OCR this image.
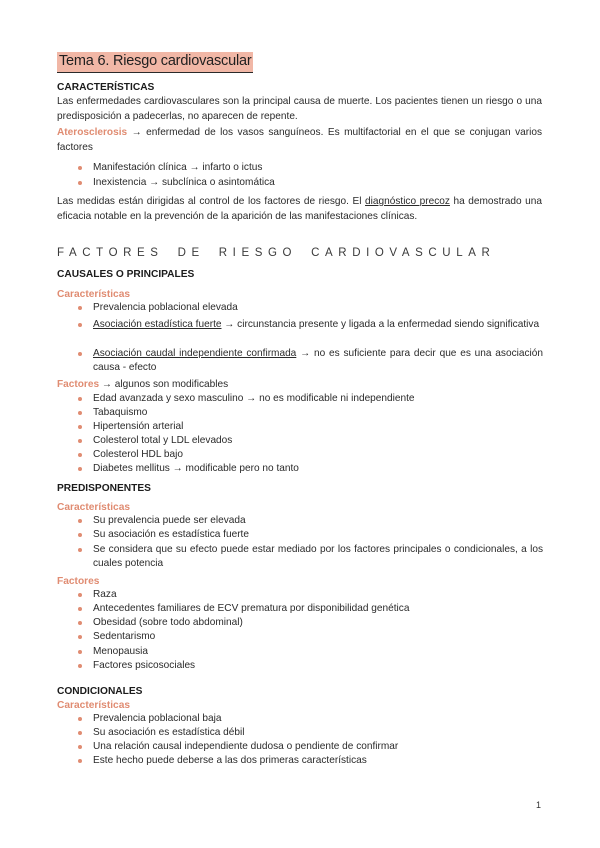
Tema 6. Riesgo cardiovascular
CARACTERÍSTICAS
Las enfermedades cardiovasculares son la principal causa de muerte. Los pacientes tienen un riesgo o una predisposición a padecerlas, no aparecen de repente.
Aterosclerosis → enfermedad de los vasos sanguíneos. Es multifactorial en el que se conjugan varios factores
Manifestación clínica → infarto o ictus
Inexistencia → subclínica o asintomática
Las medidas están dirigidas al control de los factores de riesgo. El diagnóstico precoz ha demostrado una eficacia notable en la prevención de la aparición de las manifestaciones clínicas.
FACTORES DE RIESGO CARDIOVASCULAR
CAUSALES O PRINCIPALES
Características
Prevalencia poblacional elevada
Asociación estadística fuerte → circunstancia presente y ligada a la enfermedad siendo significativa
Asociación caudal independiente confirmada → no es suficiente para decir que es una asociación causa - efecto
Factores → algunos son modificables
Edad avanzada y sexo masculino → no es modificable ni independiente
Tabaquismo
Hipertensión arterial
Colesterol total y LDL elevados
Colesterol HDL bajo
Diabetes mellitus → modificable pero no tanto
PREDISPONENTES
Características
Su prevalencia puede ser elevada
Su asociación es estadística fuerte
Se considera que su efecto puede estar mediado por los factores principales o condicionales, a los cuales potencia
Factores
Raza
Antecedentes familiares de ECV prematura por disponibilidad genética
Obesidad (sobre todo abdominal)
Sedentarismo
Menopausia
Factores psicosociales
CONDICIONALES
Características
Prevalencia poblacional baja
Su asociación es estadística débil
Una relación causal independiente dudosa o pendiente de confirmar
Este hecho puede deberse a las dos primeras características
1
